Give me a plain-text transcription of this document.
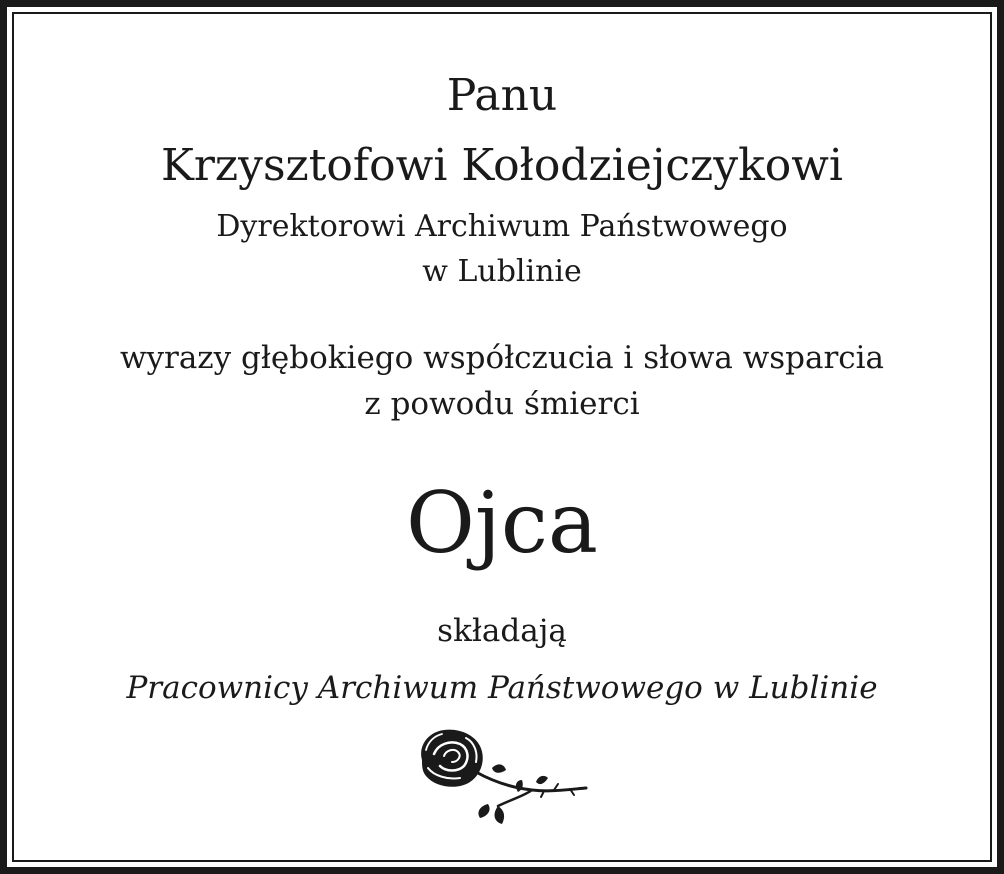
Panu
Krzysztofowi Kołodziejczykowi
Dyrektorowi Archiwum Państwowego
w Lublinie
wyrazy głębokiego współczucia i słowa wsparcia
z powodu śmierci
Ojca
składają
Pracownicy Archiwum Państwowego w Lublinie
